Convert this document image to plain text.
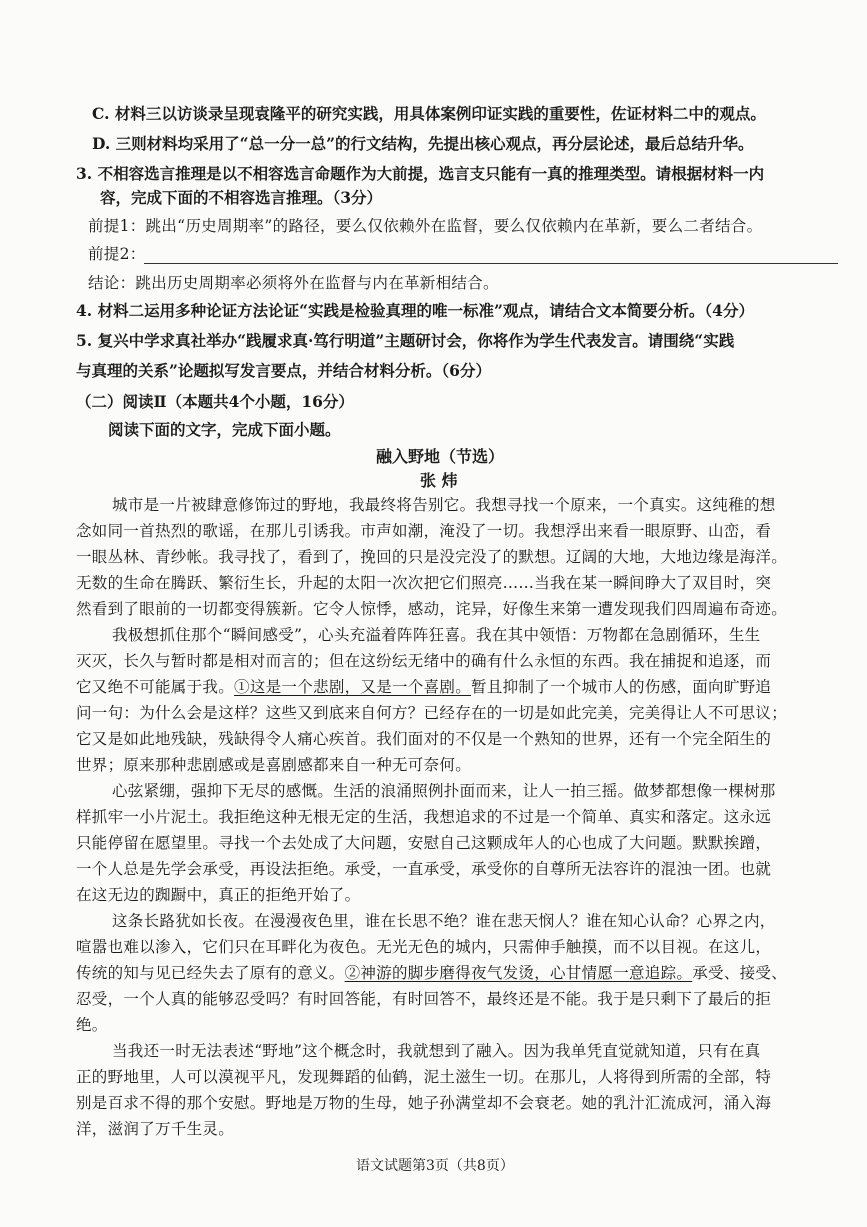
C. 材料三以访谈录呈现袁隆平的研究实践，用具体案例印证实践的重要性，佐证材料二中的观点。
D. 三则材料均采用了“总一分一总”的行文结构，先提出核心观点，再分层论述，最后总结升华。
3. 不相容选言推理是以不相容选言命题作为大前提，选言支只能有一真的推理类型。请根据材料一内
容，完成下面的不相容选言推理。（3分）
前提1：跳出“历史周期率”的路径，要么仅依赖外在监督，要么仅依赖内在革新，要么二者结合。
前提2：
结论：跳出历史周期率必须将外在监督与内在革新相结合。
4. 材料二运用多种论证方法论证“实践是检验真理的唯一标准”观点，请结合文本简要分析。（4分）
5. 复兴中学求真社举办“践履求真·笃行明道”主题研讨会，你将作为学生代表发言。请围绕“实践
与真理的关系”论题拟写发言要点，并结合材料分析。（6分）
（二）阅读Ⅱ（本题共4个小题，16分）
阅读下面的文字，完成下面小题。
融入野地（节选）
张 炜
城市是一片被肆意修饰过的野地，我最终将告别它。我想寻找一个原来，一个真实。这纯稚的想
念如同一首热烈的歌谣，在那儿引诱我。市声如潮，淹没了一切。我想浮出来看一眼原野、山峦，看
一眼丛林、青纱帐。我寻找了，看到了，挽回的只是没完没了的默想。辽阔的大地，大地边缘是海洋。
无数的生命在腾跃、繁衍生长，升起的太阳一次次把它们照亮……当我在某一瞬间睁大了双目时，突
然看到了眼前的一切都变得簇新。它令人惊悸，感动，诧异，好像生来第一遭发现我们四周遍布奇迹。
我极想抓住那个“瞬间感受”，心头充溢着阵阵狂喜。我在其中领悟：万物都在急剧循环，生生
灭灭，长久与暂时都是相对而言的；但在这纷纭无绪中的确有什么永恒的东西。我在捕捉和追逐，而
它又绝不可能属于我。①这是一个悲剧，又是一个喜剧。暂且抑制了一个城市人的伤感，面向旷野追
问一句：为什么会是这样？这些又到底来自何方？已经存在的一切是如此完美，完美得让人不可思议；
它又是如此地残缺，残缺得令人痛心疾首。我们面对的不仅是一个熟知的世界，还有一个完全陌生的
世界；原来那种悲剧感或是喜剧感都来自一种无可奈何。
心弦紧绷，强抑下无尽的感慨。生活的浪涌照例扑面而来，让人一拍三摇。做梦都想像一棵树那
样抓牢一小片泥土。我拒绝这种无根无定的生活，我想追求的不过是一个简单、真实和落定。这永远
只能停留在愿望里。寻找一个去处成了大问题，安慰自己这颗成年人的心也成了大问题。默默挨蹭，
一个人总是先学会承受，再设法拒绝。承受，一直承受，承受你的自尊所无法容许的混浊一团。也就
在这无边的踟蹰中，真正的拒绝开始了。
这条长路犹如长夜。在漫漫夜色里，谁在长思不绝？谁在悲天悯人？谁在知心认命？心界之内，
喧嚣也难以渗入，它们只在耳畔化为夜色。无光无色的城内，只需伸手触摸，而不以目视。在这儿，
传统的知与见已经失去了原有的意义。②神游的脚步磨得夜气发烫，心甘情愿一意追踪。承受、接受、
忍受，一个人真的能够忍受吗？有时回答能，有时回答不，最终还是不能。我于是只剩下了最后的拒
绝。
当我还一时无法表述“野地”这个概念时，我就想到了融入。因为我单凭直觉就知道，只有在真
正的野地里，人可以漠视平凡，发现舞蹈的仙鹤，泥土滋生一切。在那儿，人将得到所需的全部，特
别是百求不得的那个安慰。野地是万物的生母，她子孙满堂却不会衰老。她的乳汁汇流成河，涌入海
洋，滋润了万千生灵。
语文试题第3页（共8页）
